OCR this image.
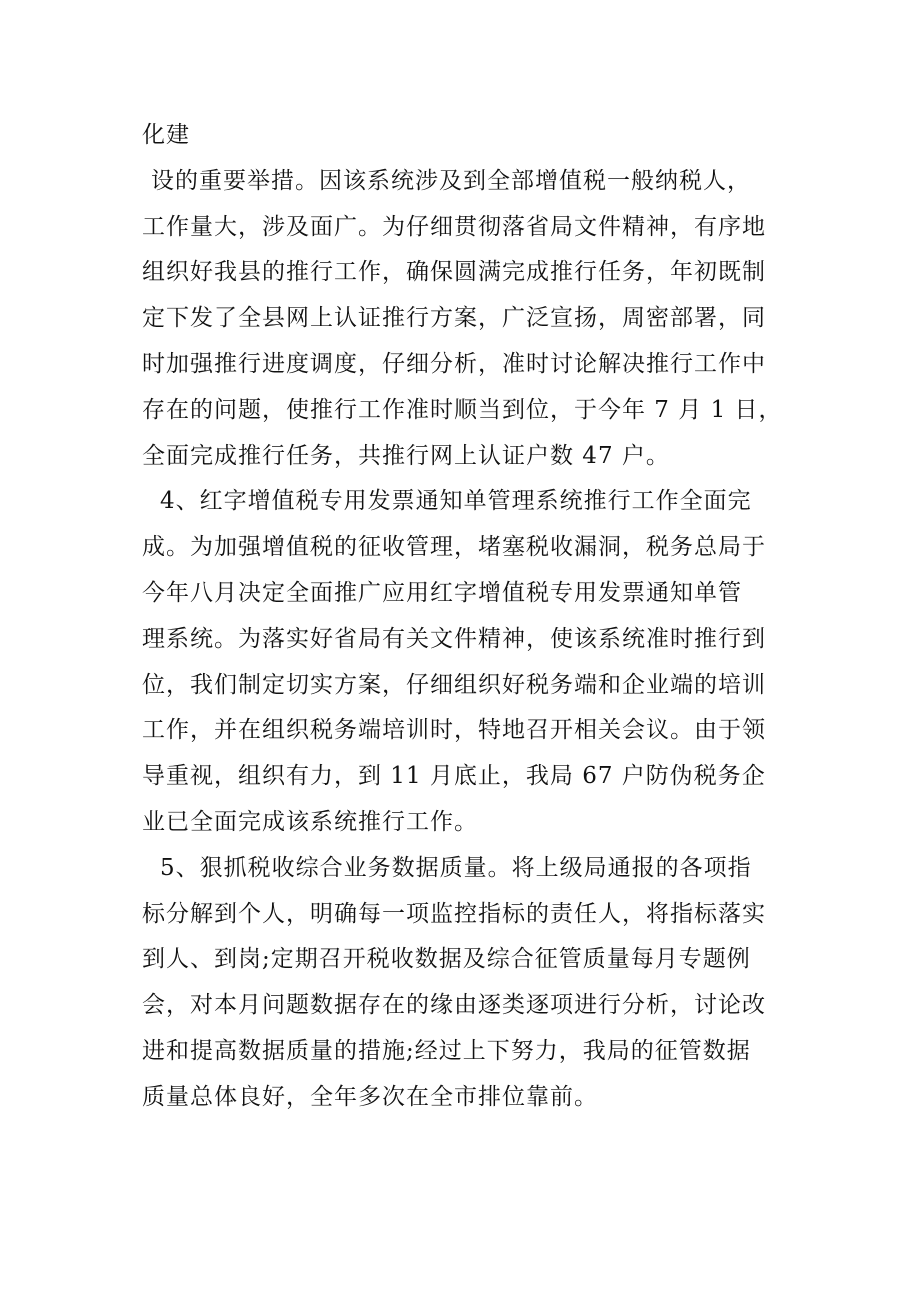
化建
设的重要举措。因该系统涉及到全部增值税一般纳税人，
工作量大，涉及面广。为仔细贯彻落省局文件精神，有序地
组织好我县的推行工作，确保圆满完成推行任务，年初既制
定下发了全县网上认证推行方案，广泛宣扬，周密部署，同
时加强推行进度调度，仔细分析，准时讨论解决推行工作中
存在的问题，使推行工作准时顺当到位，于今年 7 月 1 日，
全面完成推行任务，共推行网上认证户数 47 户。
4、红字增值税专用发票通知单管理系统推行工作全面完
成。为加强增值税的征收管理，堵塞税收漏洞，税务总局于
今年八月决定全面推广应用红字增值税专用发票通知单管
理系统。为落实好省局有关文件精神，使该系统准时推行到
位，我们制定切实方案，仔细组织好税务端和企业端的培训
工作，并在组织税务端培训时，特地召开相关会议。由于领
导重视，组织有力，到 11 月底止，我局 67 户防伪税务企
业已全面完成该系统推行工作。
5、狠抓税收综合业务数据质量。将上级局通报的各项指
标分解到个人，明确每一项监控指标的责任人，将指标落实
到人、到岗;定期召开税收数据及综合征管质量每月专题例
会，对本月问题数据存在的缘由逐类逐项进行分析，讨论改
进和提高数据质量的措施;经过上下努力，我局的征管数据
质量总体良好，全年多次在全市排位靠前。
